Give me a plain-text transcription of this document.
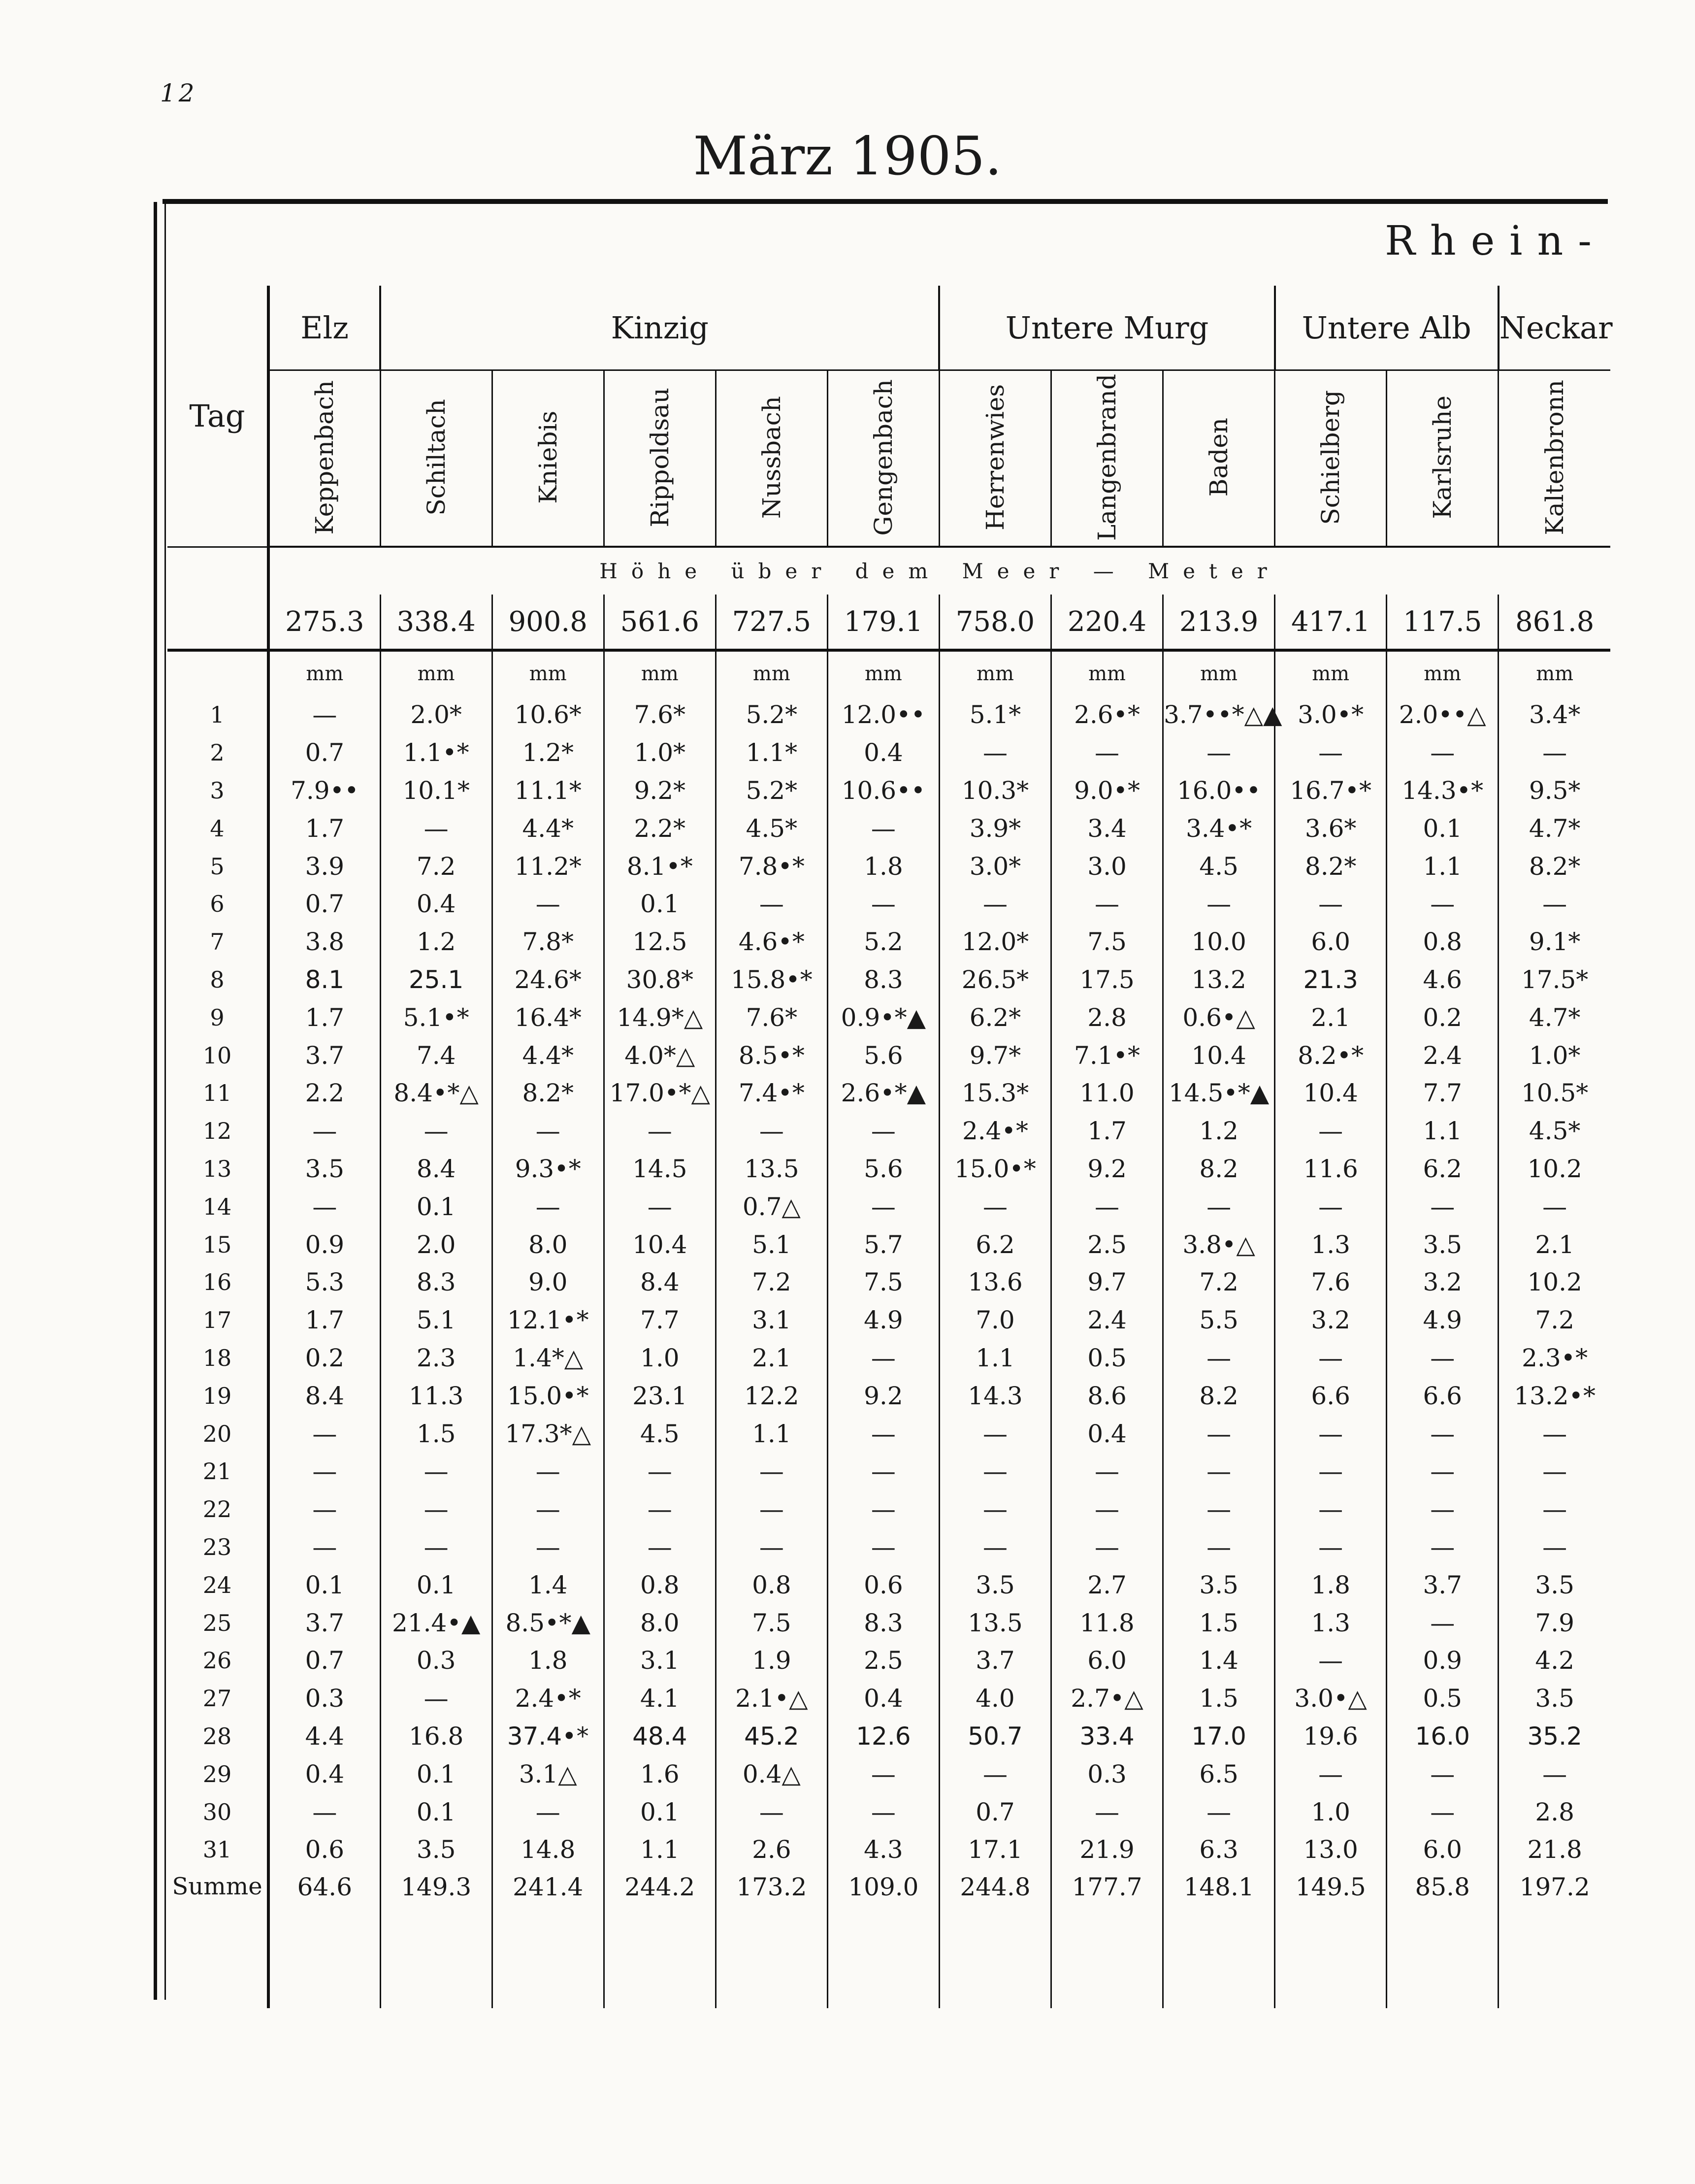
12
März 1905.
Rhein-
Tag	Elz	Kinzig					Untere Murg			Untere Alb		Neckar
	Keppenbach	Schiltach	Kniebis	Rippoldsau	Nussbach	Gengenbach	Herrenwies	Langenbrand	Baden	Schielberg	Karlsruhe	Kaltenbronn
	Höhe über dem Meer — Meter											
	275.3	338.4	900.8	561.6	727.5	179.1	758.0	220.4	213.9	417.1	117.5	861.8
	mm	mm	mm	mm	mm	mm	mm	mm	mm	mm	mm	mm
1	—	2.0*	10.6*	7.6*	5.2*	12.0••	5.1*	2.6•*	3.7••*△▲	3.0•*	2.0••△	3.4*
2	0.7	1.1•*	1.2*	1.0*	1.1*	0.4	—	—	—	—	—	—
3	7.9••	10.1*	11.1*	9.2*	5.2*	10.6••	10.3*	9.0•*	16.0••	16.7•*	14.3•*	9.5*
4	1.7	—	4.4*	2.2*	4.5*	—	3.9*	3.4	3.4•*	3.6*	0.1	4.7*
5	3.9	7.2	11.2*	8.1•*	7.8•*	1.8	3.0*	3.0	4.5	8.2*	1.1	8.2*
6	0.7	0.4	—	0.1	—	—	—	—	—	—	—	—
7	3.8	1.2	7.8*	12.5	4.6•*	5.2	12.0*	7.5	10.0	6.0	0.8	9.1*
8	8.1	25.1	24.6*	30.8*	15.8•*	8.3	26.5*	17.5	13.2	21.3	4.6	17.5*
9	1.7	5.1•*	16.4*	14.9*△	7.6*	0.9•*▲	6.2*	2.8	0.6•△	2.1	0.2	4.7*
10	3.7	7.4	4.4*	4.0*△	8.5•*	5.6	9.7*	7.1•*	10.4	8.2•*	2.4	1.0*
11	2.2	8.4•*△	8.2*	17.0•*△	7.4•*	2.6•*▲	15.3*	11.0	14.5•*▲	10.4	7.7	10.5*
12	—	—	—	—	—	—	2.4•*	1.7	1.2	—	1.1	4.5*
13	3.5	8.4	9.3•*	14.5	13.5	5.6	15.0•*	9.2	8.2	11.6	6.2	10.2
14	—	0.1	—	—	0.7△	—	—	—	—	—	—	—
15	0.9	2.0	8.0	10.4	5.1	5.7	6.2	2.5	3.8•△	1.3	3.5	2.1
16	5.3	8.3	9.0	8.4	7.2	7.5	13.6	9.7	7.2	7.6	3.2	10.2
17	1.7	5.1	12.1•*	7.7	3.1	4.9	7.0	2.4	5.5	3.2	4.9	7.2
18	0.2	2.3	1.4*△	1.0	2.1	—	1.1	0.5	—	—	—	2.3•*
19	8.4	11.3	15.0•*	23.1	12.2	9.2	14.3	8.6	8.2	6.6	6.6	13.2•*
20	—	1.5	17.3*△	4.5	1.1	—	—	0.4	—	—	—	—
21	—	—	—	—	—	—	—	—	—	—	—	—
22	—	—	—	—	—	—	—	—	—	—	—	—
23	—	—	—	—	—	—	—	—	—	—	—	—
24	0.1	0.1	1.4	0.8	0.8	0.6	3.5	2.7	3.5	1.8	3.7	3.5
25	3.7	21.4•▲	8.5•*▲	8.0	7.5	8.3	13.5	11.8	1.5	1.3	—	7.9
26	0.7	0.3	1.8	3.1	1.9	2.5	3.7	6.0	1.4	—	0.9	4.2
27	0.3	—	2.4•*	4.1	2.1•△	0.4	4.0	2.7•△	1.5	3.0•△	0.5	3.5
28	4.4	16.8	37.4•*	48.4	45.2	12.6	50.7	33.4	17.0	19.6	16.0	35.2
29	0.4	0.1	3.1△	1.6	0.4△	—	—	0.3	6.5	—	—	—
30	—	0.1	—	0.1	—	—	0.7	—	—	1.0	—	2.8
31	0.6	3.5	14.8	1.1	2.6	4.3	17.1	21.9	6.3	13.0	6.0	21.8
Summe	64.6	149.3	241.4	244.2	173.2	109.0	244.8	177.7	148.1	149.5	85.8	197.2
